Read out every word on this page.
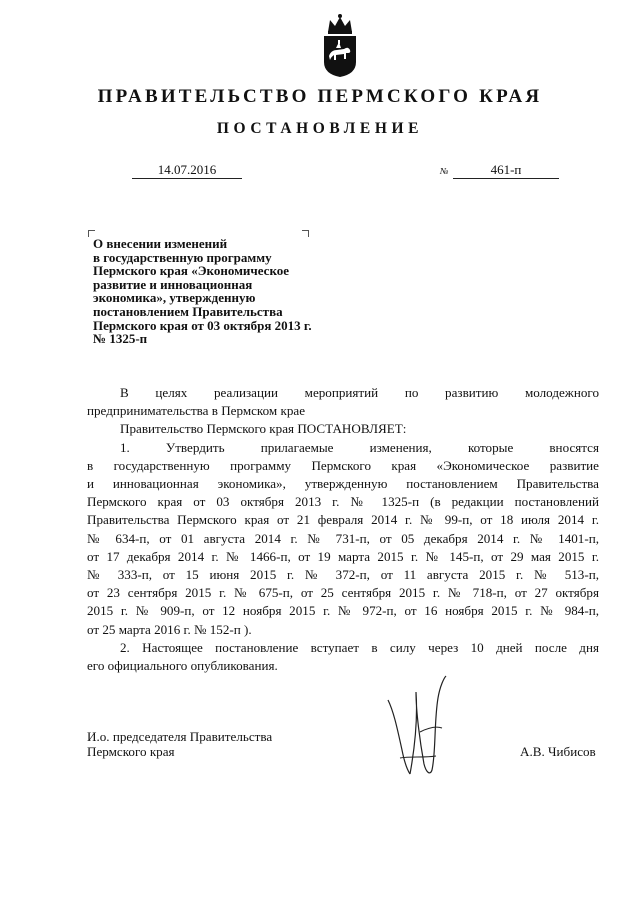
ПРАВИТЕЛЬСТВО ПЕРМСКОГО КРАЯ
ПОСТАНОВЛЕНИЕ
14.07.2016	№	461-п
О внесении изменений
в государственную программу
Пермского края «Экономическое
развитие и инновационная
экономика», утвержденную
постановлением Правительства
Пермского края от 03 октября 2013 г.
№ 1325-п
В целях реализации мероприятий по развитию молодежного
предпринимательства в Пермском крае
Правительство Пермского края ПОСТАНОВЛЯЕТ:
1. Утвердить прилагаемые изменения, которые вносятся
в государственную программу Пермского края «Экономическое развитие
и инновационная экономика», утвержденную постановлением Правительства
Пермского края от 03 октября 2013 г. № 1325-п (в редакции постановлений
Правительства Пермского края от 21 февраля 2014 г. № 99-п, от 18 июля 2014 г.
№ 634-п, от 01 августа 2014 г. № 731-п, от 05 декабря 2014 г. № 1401-п,
от 17 декабря 2014 г. № 1466-п, от 19 марта 2015 г. № 145-п, от 29 мая 2015 г.
№ 333-п, от 15 июня 2015 г. № 372-п, от 11 августа 2015 г. № 513-п,
от 23 сентября 2015 г. № 675-п, от 25 сентября 2015 г. № 718-п, от 27 октября
2015 г. № 909-п, от 12 ноября 2015 г. № 972-п, от 16 ноября 2015 г. № 984-п,
от 25 марта 2016 г. № 152-п ).
2. Настоящее постановление вступает в силу через 10 дней после дня
его официального опубликования.
И.о. председателя Правительства
Пермского края	А.В. Чибисов
